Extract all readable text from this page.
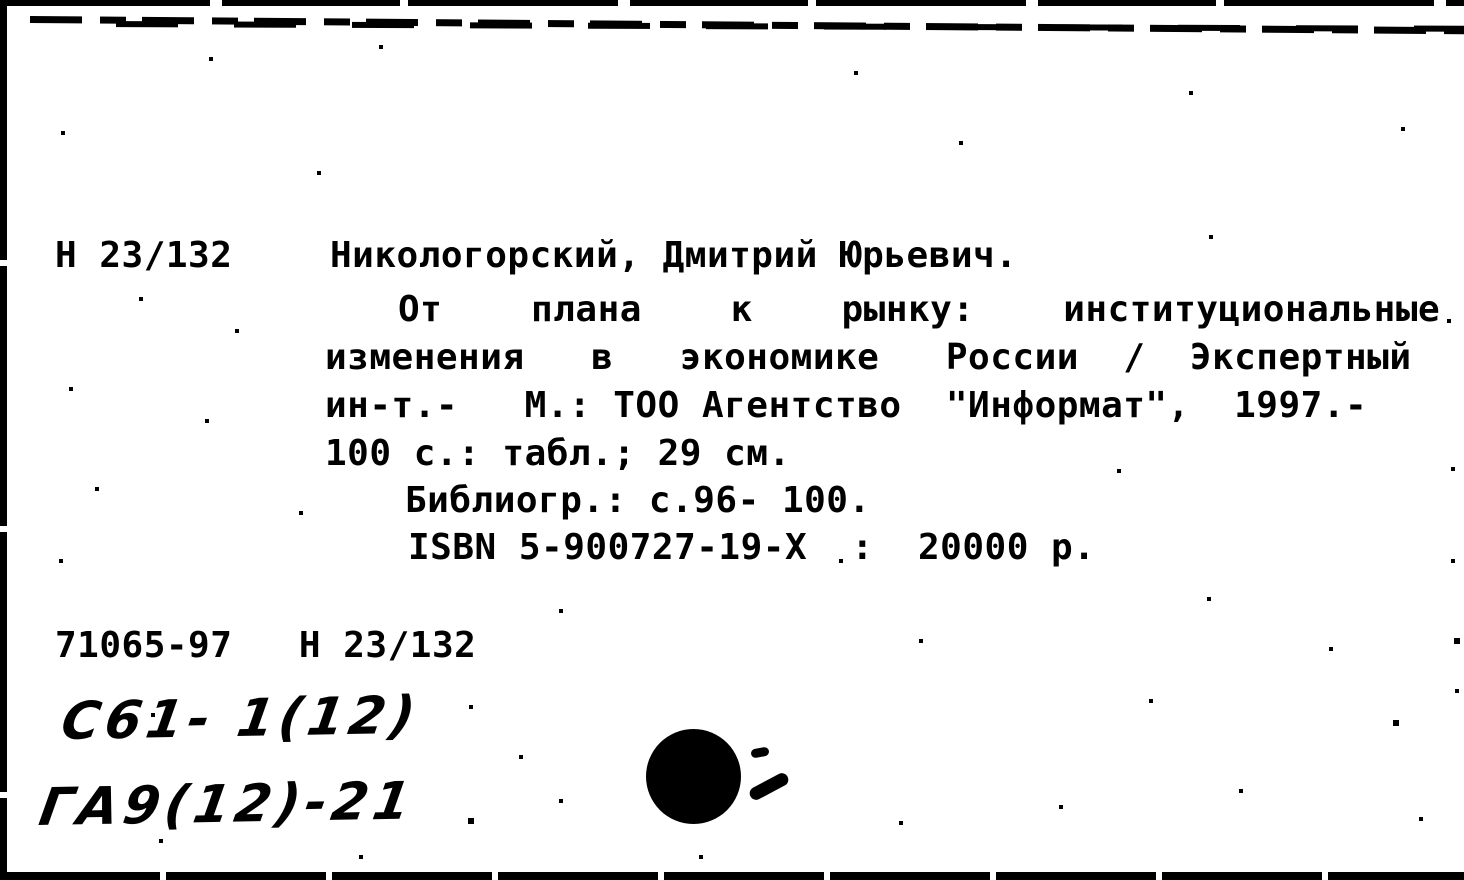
Н 23/132	Никологорский, Дмитрий Юрьевич.
От    плана    к    рынку:    институциональные
изменения   в   экономике   России  /  Экспертный
ин-т.-   М.: ТОО Агентство  "Информат",  1997.-
100 с.: табл.; 29 см.
Библиогр.: с.96- 100.
ISBN 5-900727-19-X  :  20000 р.
71065-97   Н 23/132
С61- 1(12)
ГА9(12)-21
